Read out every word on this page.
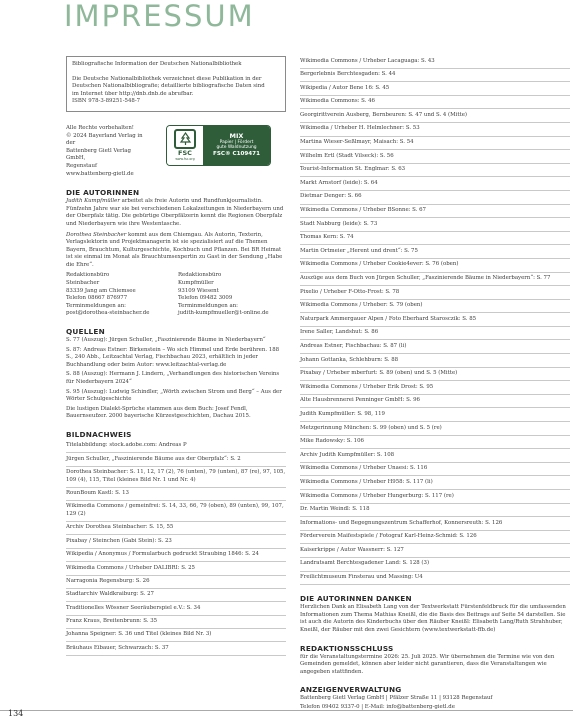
IMPRESSUM

Bibliografische Information der Deutschen Nationalbibliothek

Die Deutsche Nationalbibliothek verzeichnet diese Publikation in der

Deutschen Nationalbibliografie; detaillierte bibliografische Daten sind

im Internet über http://dnb.dnb.de abrufbar.

ISBN 978-3-89251-548-7

Alle Rechte vorbehalten!

© 2024 Bayerland Verlag in der

Battenberg Gietl Verlag GmbH,

Regenstauf

www.battenberg-gietl.de

FSC
www.fsc.org
MIX
Papier | Fördert
gute Waldnutzung
FSC® C109471
DIE AUTORINNEN

Judith Kumpfmüller arbeitet als freie Autorin und Rundfunkjournalistin. Fünfzehn Jahre war sie bei verschiedenen Lokalzeitungen in Niederbayern und der Oberpfalz tätig. Die gebürtige Oberpfälzerin kennt die Regionen Oberpfalz und Niederbayern wie ihre Westentasche.

Dorothea Steinbacher kommt aus dem Chiemgau. Als Autorin, Texterin, Verlagslektorin und Projektmanagerin ist sie spezialisiert auf die Themen Bayern, Brauchtum, Kulturgeschichte, Kochbuch und Pflanzen. Bei BR Heimat ist sie einmal im Monat als Brauchtumsexpertin zu Gast in der Sendung „Habe die Ehre“.

Redaktionsbüro

Steinbacher

83339 Jang am Chiemsee

Telefon 08667 876977

Terminmeldungen an:

post@dorothea-steinbacher.de

Redaktionsbüro

Kumpfmüller

93109 Wiesent

Telefon 09482 3009

Terminmeldungen an:

judith-kumpfmueller@t-online.de

QUELLEN

S. 77 (Auszug): Jürgen Schuller, „Faszinierende Bäume in Niederbayern“

S. 87: Andreas Estner: Birkenstein – Wo sich Himmel und Erde berühren. 188 S., 240 Abb., Leitzachtal Verlag, Fischbachau 2023, erhältlich in jeder Buchhandlung oder beim Autor: www.leitzachtal-verlag.de

S. 88 (Auszug): Hermann J. Lindern, „Verhandlungen des historischen Vereins für Niederbayern 2024“

S. 95 (Auszug): Ludwig Schindler, „Wörth zwischen Strom und Berg“ – Aus der Wörter Schulgeschichte

Die lustigen Dialekt-Sprüche stammen aus dem Buch: Josef Fendl, Bauernseufzer. 2000 bayerische Kürzestgeschichten, Dachau 2015.

BILDNACHWEIS

Titelabbildung: stock.adobe.com: Andreas P

Jürgen Schuller, „Faszinierende Bäume aus der Oberpfalz“: S. 2

Dorothea Steinbacher: S. 11, 12, 17 (2), 76 (unten), 79 (unten), 87 (re), 97, 105, 109 (4), 115, Titel (kleines Bild Nr. 1 und Nr. 4)

RounBoum Kastl: S. 13

Wikimedia Commons / gemeinfrei: S. 14, 33, 66, 79 (oben), 89 (unten), 99, 107, 129 (2)

Archiv Dorothea Steinbacher: S. 15, 55

Pixabay / Steinchen (Gabi Stein): S. 23

Wikipedia / Anonymus / Formularbuch gedruckt Straubing 1846: S. 24

Wikimedia Commons / Urheber DALIBRI: S. 25

Narragonia Regensburg: S. 26

Stadtarchiv Waldkraiburg: S. 27

Traditionelles Wössner Seeräuberspiel e.V.: S. 34

Franz Kraus, Breitenbrunn: S. 35

Johanna Speigner: S. 36 und Titel (kleines Bild Nr. 3)

Bräuhaus Eibauer, Schwarzach: S. 37

Wikimedia Commons / Urheber Lacaguaga: S. 43

Bergerlebnis Berchtesgaden: S. 44

Wikipedia / Autor Bene 16: S. 45

Wikimedia Commons: S. 46

Georgirittverein Ausberg, Bernbeuren: S. 47 und S. 4 (Mitte)

Wikimedia / Urheber H. Helmlechner: S. 53

Martina Wieser-Seßlmayr, Maisach: S. 54

Wilhelm Ertl (Stadt Vilseck): S. 56

Tourist-Information St. Englmar: S. 63

Markt Arnstorf (leide): S. 64

Dietmar Denger: S. 66

Wikimedia Commons / Urheber BSonne: S. 67

Stadt Nabburg (leide): S. 73

Thomas Kern: S. 74

Martin Ortmeier „Herent und drent“: S. 75

Wikimedia Commons / Urheber Cookie4ever: S. 76 (oben)

Auszüge aus dem Buch von Jürgen Schuller, „Faszinierende Bäume in Niederbayern“: S. 77

Pixelio / Urheber F-Otto-Frost: S. 78

Wikimedia Commons / Urheber: S. 79 (oben)

Naturpark Ammergauer Alpen / Foto Eberhard Starosczik: S. 85

Irene Saller, Landshut: S. 86

Andreas Estner, Fischbachau: S. 87 (li)

Johann Gottanka, Schlehburn: S. 88

Pixabay / Urheber mberfurt: S. 89 (oben) und S. 5 (Mitte)

Wikimedia Commons / Urheber Erik Drost: S. 95

Alte Hausbrennerei Penninger GmbH: S. 96

Judith Kumpfmüller: S. 98, 119

Metzgerinnung München: S. 99 (oben) und S. 5 (re)

Mike Radowsky: S. 106

Archiv Judith Kumpfmüller: S. 108

Wikimedia Commons / Urheber Unaesi: S. 116

Wikimedia Commons / Urheber H958: S. 117 (li)

Wikimedia Commons / Urheber Hungerburg: S. 117 (re)

Dr. Martin Weindl: S. 118

Informations- und Begegnungszentrum Schafferhof, Konnersreuth: S. 126

Förderverein Maifestspiele / Fotograf Karl-Heinz-Schmid: S. 126

Kaiserkrippe / Autor Wassnerr: S. 127

Landratsamt Berchtesgadener Land: S. 128 (3)

Freilichtmuseum Finsterau und Massing: U4

DIE AUTORINNEN DANKEN

Herzlichen Dank an Elisabeth Lang von der Textwerkstatt Fürstenfeldbruck für die umfassenden Informationen zum Thema Mathias Kneißl, die die Basis des Beitrags auf Seite 54 darstellen. Sie ist auch die Autorin des Kinderbuchs über den Räuber Kneißl: Elisabeth Lang/Ruth Strahhuber, Kneißl, der Räuber mit den zwei Gesichtern (www.textwerkstatt-ffb.de)

REDAKTIONSSCHLUSS

für die Veranstaltungstermine 2026: 25. Juli 2025. Wir übernehmen die Termine wie von den Gemeinden gemeldet, können aber leider nicht garantieren, dass die Veranstaltungen wie angegeben stattfinden.

ANZEIGENVERWALTUNG

Battenberg Gietl Verlag GmbH | Pfälzer Straße 11 | 93128 Regenstauf

Telefon 09402 9337-0 | E-Mail: info@battenberg-gietl.de

134
